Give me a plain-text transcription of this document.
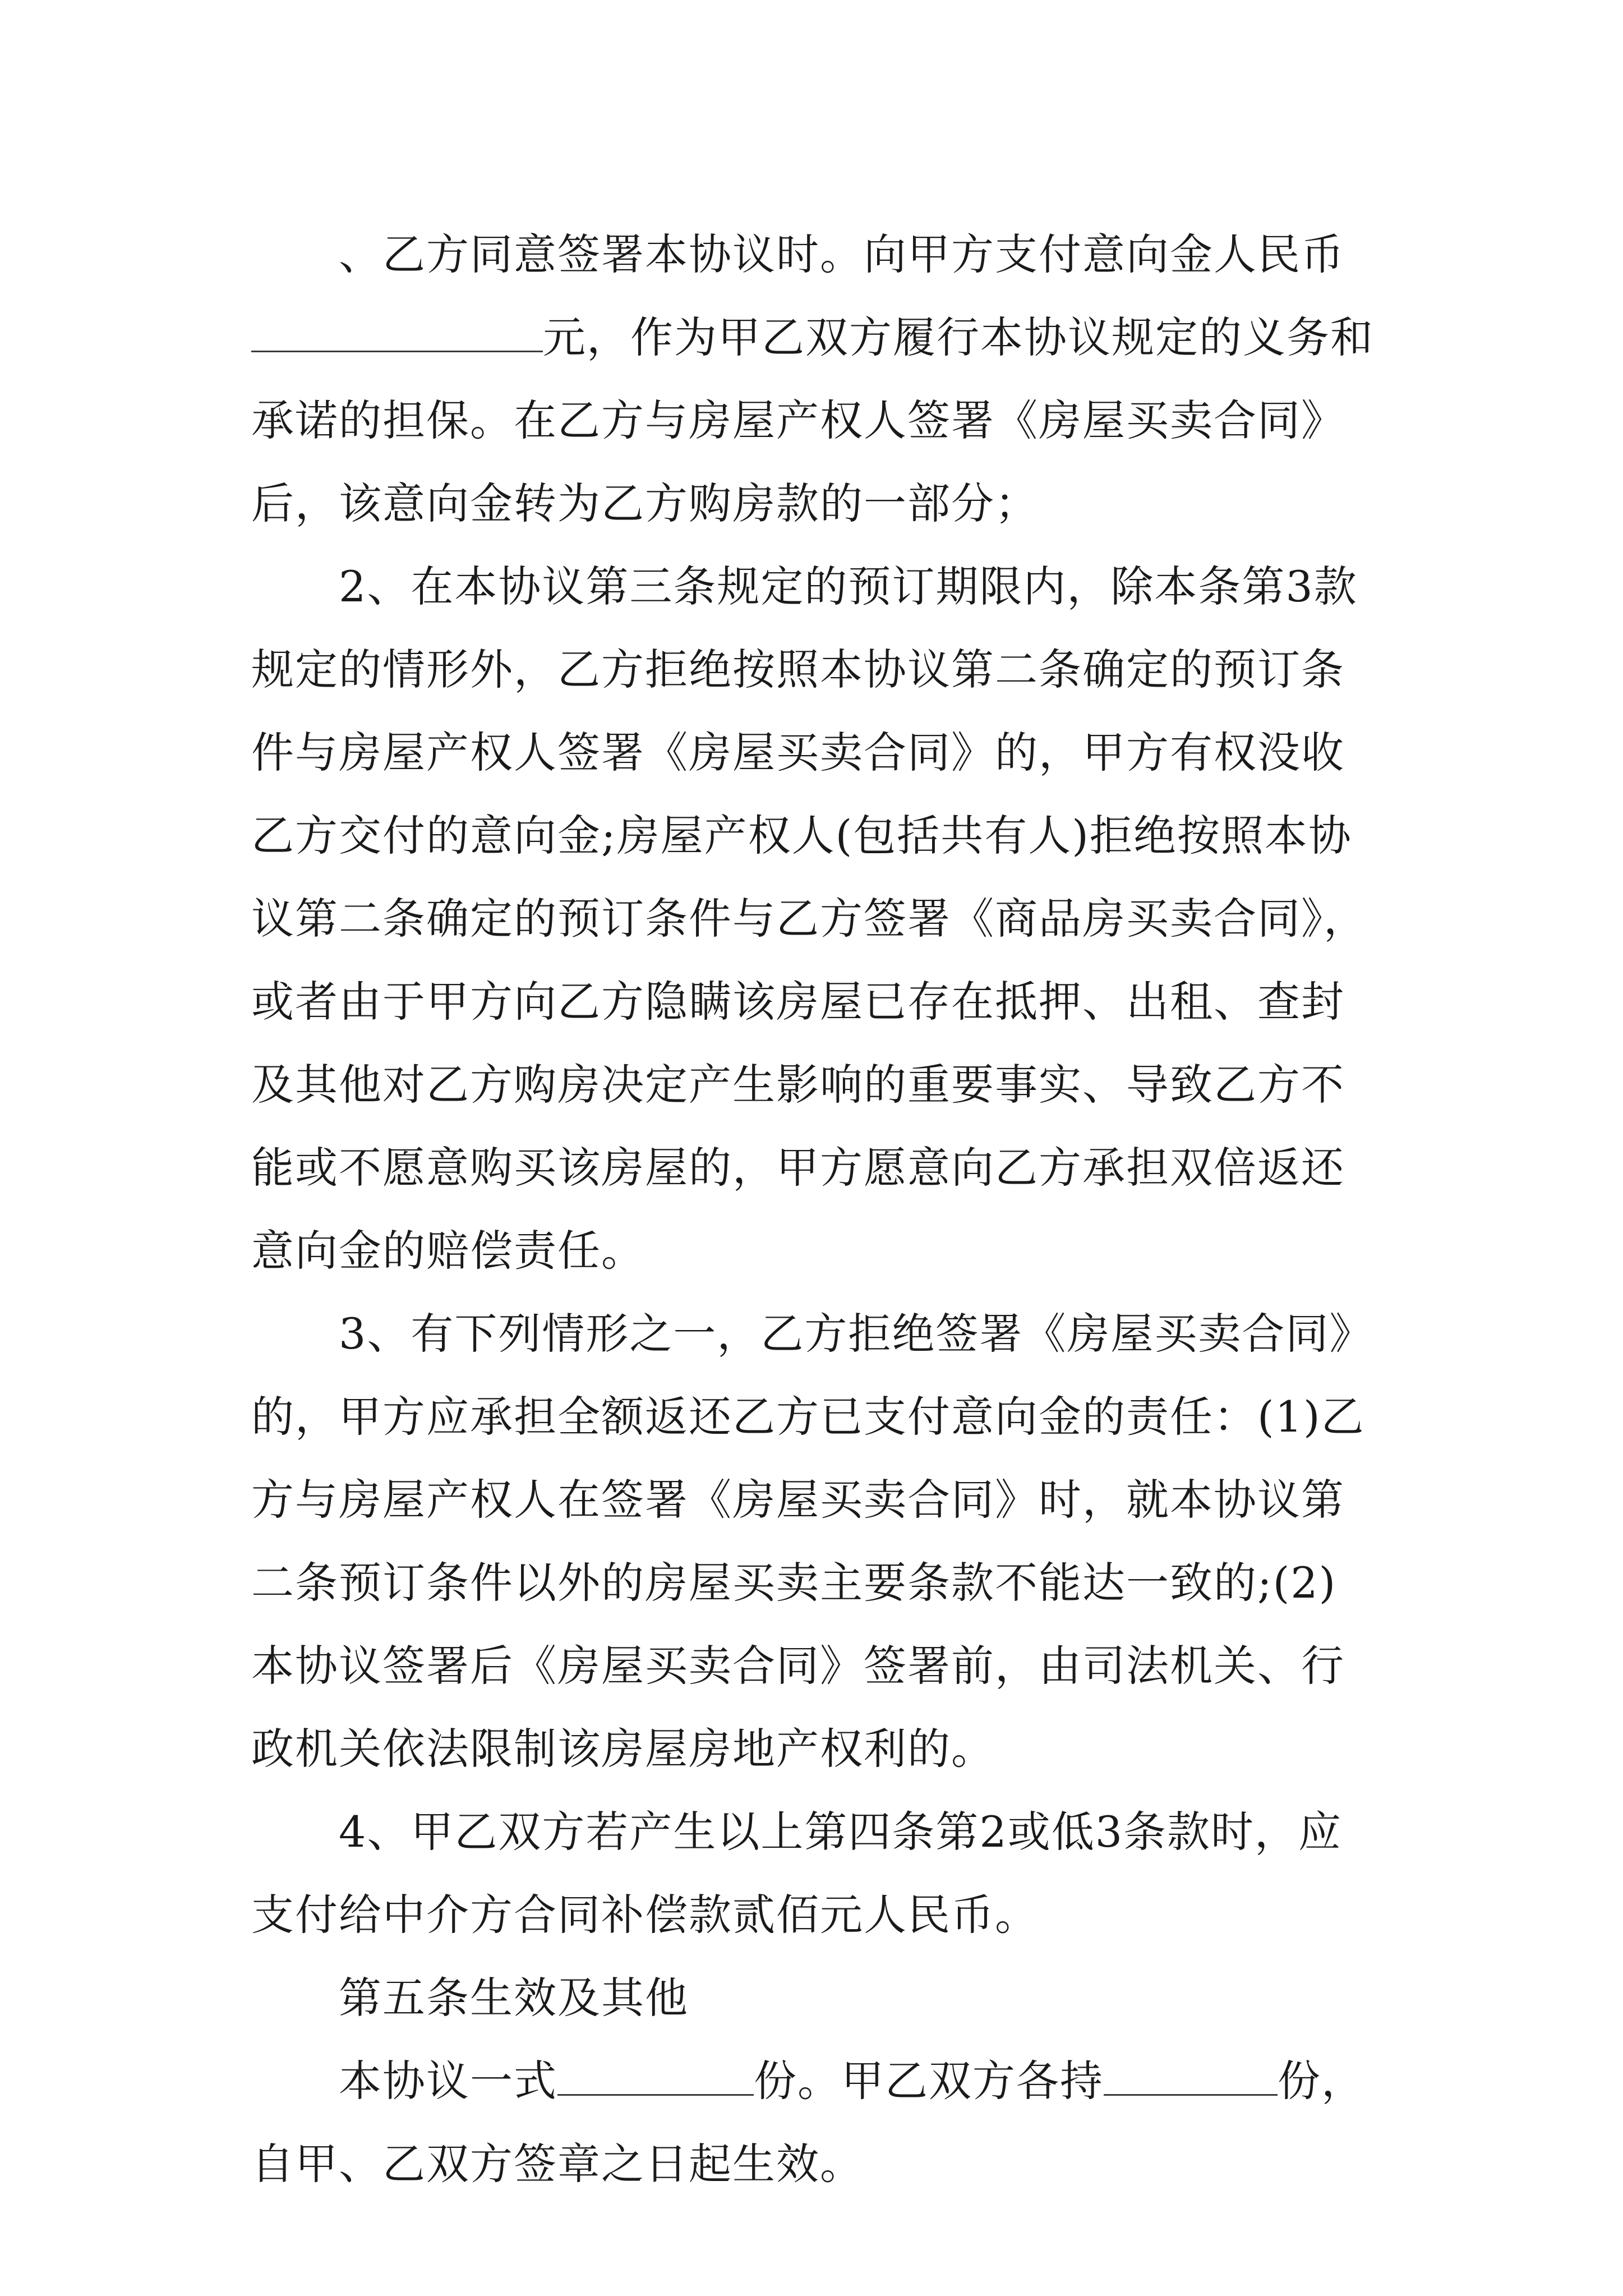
、乙方同意签署本协议时。向甲方支付意向金人民币元，作为甲乙双方履行本协议规定的义务和承诺的担保。在乙方与房屋产权人签署《房屋买卖合同》后，该意向金转为乙方购房款的一部分；

2、在本协议第三条规定的预订期限内，除本条第3款规定的情形外，乙方拒绝按照本协议第二条确定的预订条件与房屋产权人签署《房屋买卖合同》的，甲方有权没收乙方交付的意向金;房屋产权人(包括共有人)拒绝按照本协议第二条确定的预订条件与乙方签署《商品房买卖合同》，或者由于甲方向乙方隐瞒该房屋已存在抵押、出租、查封及其他对乙方购房决定产生影响的重要事实、导致乙方不能或不愿意购买该房屋的，甲方愿意向乙方承担双倍返还意向金的赔偿责任。

3、有下列情形之一，乙方拒绝签署《房屋买卖合同》的，甲方应承担全额返还乙方已支付意向金的责任：(1)乙方与房屋产权人在签署《房屋买卖合同》时，就本协议第二条预订条件以外的房屋买卖主要条款不能达一致的;(2)本协议签署后《房屋买卖合同》签署前，由司法机关、行政机关依法限制该房屋房地产权利的。

4、甲乙双方若产生以上第四条第2或低3条款时，应支付给中介方合同补偿款贰佰元人民币。

第五条生效及其他

本协议一式	份。甲乙双方各持	份，自甲、乙双方签章之日起生效。
